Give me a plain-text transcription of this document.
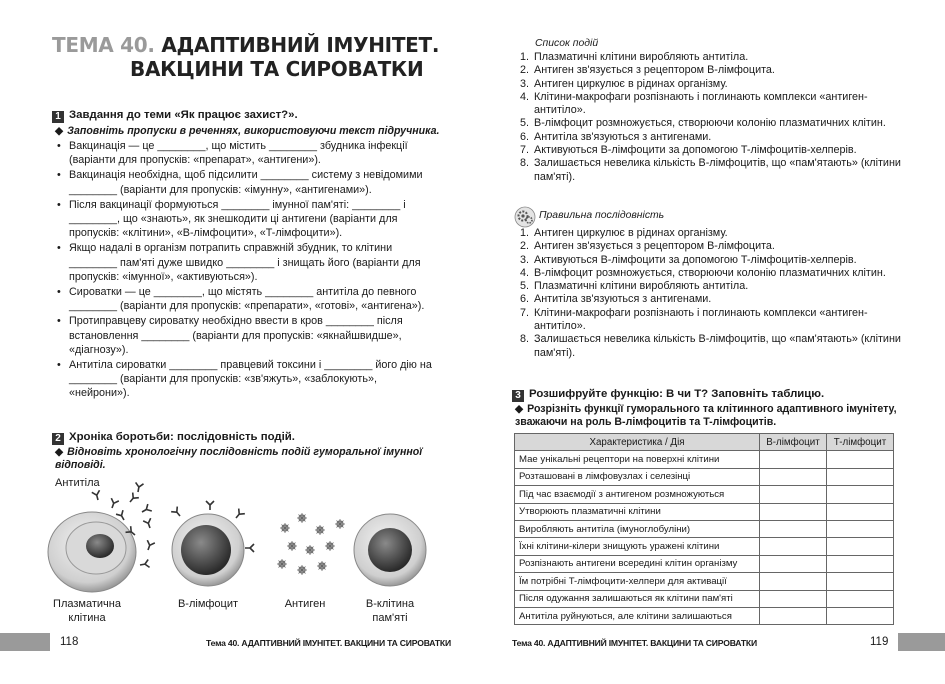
ТЕМА 40. АДАПТИВНИЙ ІМУНІТЕТ.
ВАКЦИНИ ТА СИРОВАТКИ
1 Завдання до теми «Як працює захист?».
◆ Заповніть пропуски в реченнях, використовуючи текст підручника.
• Вакцинація — це ________, що містить ________ збудника інфекції (варіанти для пропусків: «препарат», «антигени»).
• Вакцинація необхідна, щоб підсилити ________ систему з невідомими ________ (варіанти для пропусків: «імунну», «антигенами»).
• Після вакцинації формуються ________ імунної пам'яті: ________ і ________, що «знають», як знешкодити ці антигени (варіанти для пропусків: «клітини», «B-лімфоцити», «T-лімфоцити»).
• Якщо надалі в організм потрапить справжній збудник, то клітини ________ пам'яті дуже швидко ________ і знищать його (варіанти для пропусків: «імунної», «активуються»).
• Сироватки — це ________, що містять ________ антитіла до певного ________ (варіанти для пропусків: «препарати», «готові», «антигена»).
• Протиправцеву сироватку необхідно ввести в кров ________ після встановлення ________ (варіанти для пропусків: «якнайшвидше», «діагнозу»).
• Антитіла сироватки ________ правцевий токсини і ________ його дію на ________ (варіанти для пропусків: «зв'яжуть», «заблокують», «нейрони»).
2 Хроніка боротьби: послідовність подій.
◆ Відновіть хронологічну послідовність подій гуморальної імунної відповіді.
Антитіла
Плазматична
клітина
B-лімфоцит	Антиген	B-клітина
пам'яті
118	Тема 40. АДАПТИВНИЙ ІМУНІТЕТ. ВАКЦИНИ ТА СИРОВАТКИ
Список подій
1. Плазматичні клітини виробляють антитіла.
2. Антиген зв'язується з рецептором B-лімфоцита.
3. Антиген циркулює в рідинах організму.
4. Клітини-макрофаги розпізнають і поглинають комплекси «антиген-антитіло».
5. B-лімфоцит розмножується, створюючи колонію плазматичних клітин.
6. Антитіла зв'язуються з антигенами.
7. Активуються B-лімфоцити за допомогою T-лімфоцитів-хелперів.
8. Залишається невелика кількість B-лімфоцитів, що «пам'ятають» (клітини пам'яті).
Правильна послідовність
1. Антиген циркулює в рідинах організму.
2. Антиген зв'язується з рецептором B-лімфоцита.
3. Активуються B-лімфоцити за допомогою T-лімфоцитів-хелперів.
4. B-лімфоцит розмножується, створюючи колонію плазматичних клітин.
5. Плазматичні клітини виробляють антитіла.
6. Антитіла зв'язуються з антигенами.
7. Клітини-макрофаги розпізнають і поглинають комплекси «антиген-антитіло».
8. Залишається невелика кількість B-лімфоцитів, що «пам'ятають» (клітини пам'яті).
3 Розшифруйте функцію: B чи T? Заповніть таблицю.
◆ Розрізніть функції гуморального та клітинного адаптивного імунітету, зважаючи на роль B-лімфоцитів та T-лімфоцитів.
Характеристика / Дія	B-лімфоцит	T-лімфоцит
Мае унікальні рецептори на поверхні клітини		
Розташовані в лімфовузлах і селезінці		
Під час взаємодії з антигеном розмножуються		
Утворюють плазматичні клітини		
Виробляють антитіла (імуноглобуліни)		
Їхні клітини-кілери знищують уражені клітини		
Розпізнають антигени всередині клітин організму		
Їм потрібні T-лімфоцити-хелпери для активації		
Після одужання залишаються як клітини пам'яті		
Антитіла руйнуються, але клітини залишаються		
Тема 40. АДАПТИВНИЙ ІМУНІТЕТ. ВАКЦИНИ ТА СИРОВАТКИ	119
